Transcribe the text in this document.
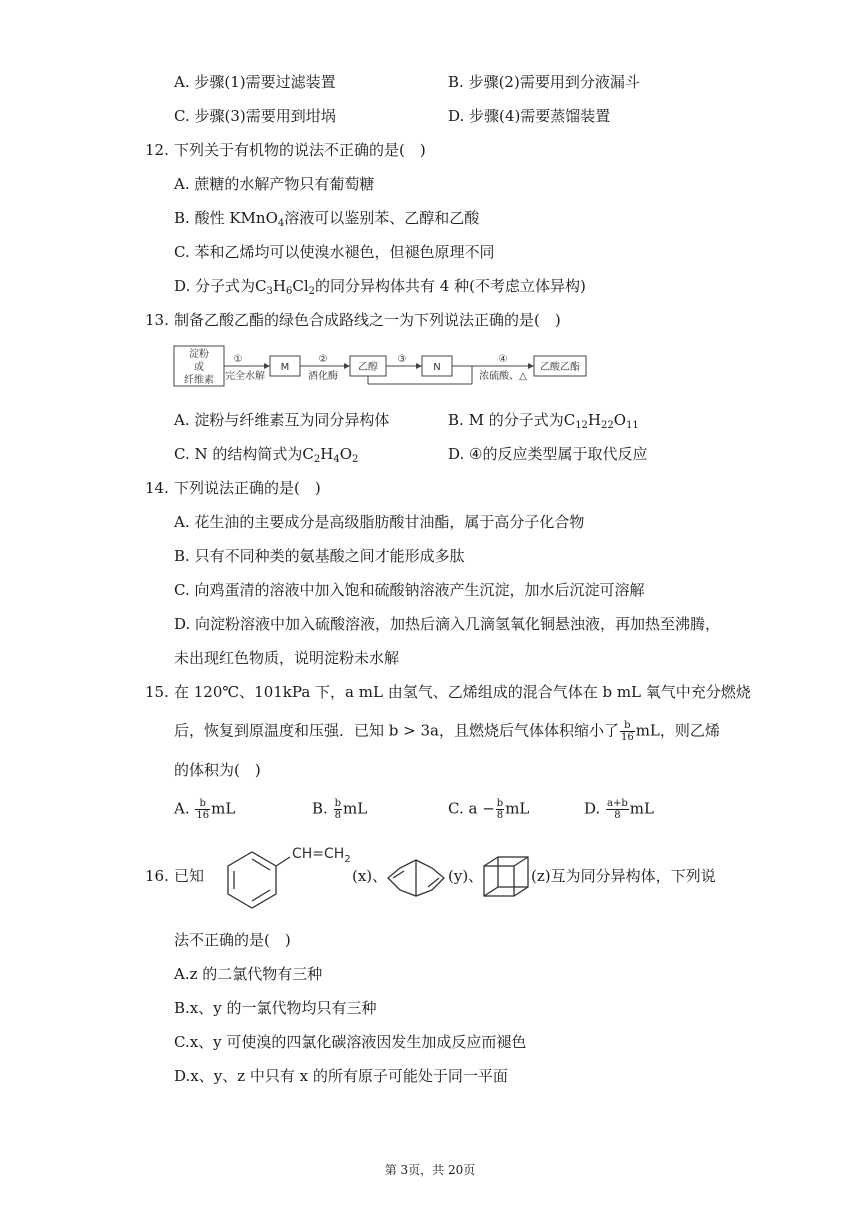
A. 步骤(1)需要过滤装置	B. 步骤(2)需要用到分液漏斗
C. 步骤(3)需要用到坩埚	D. 步骤(4)需要蒸馏装置
12. 下列关于有机物的说法不正确的是(　)
A. 蔗糖的水解产物只有葡萄糖
B. 酸性 KMnO$_4$溶液可以鉴别苯、乙醇和乙酸
C. 苯和乙烯均可以使溴水褪色，但褪色原理不同
D. 分子式为$C_3H_6Cl_2$的同分异构体共有 4 种(不考虑立体异构)
13. 制备乙酸乙酯的绿色合成路线之一为下列说法正确的是(　)
淀粉
或
纤维素
①
完全水解
M
②
酒化酶
乙醇
③
N
④
浓硫酸、△
乙酸乙酯
A. 淀粉与纤维素互为同分异构体	B. M 的分子式为$C_{12}H_{22}O_{11}$
C. N 的结构简式为$C_2H_4O_2$	D. ④的反应类型属于取代反应
14. 下列说法正确的是(　)
A. 花生油的主要成分是高级脂肪酸甘油酯，属于高分子化合物
B. 只有不同种类的氨基酸之间才能形成多肽
C. 向鸡蛋清的溶液中加入饱和硫酸钠溶液产生沉淀，加水后沉淀可溶解
D. 向淀粉溶液中加入硫酸溶液，加热后滴入几滴氢氧化铜悬浊液，再加热至沸腾，
未出现红色物质，说明淀粉未水解
15. 在 120℃、101kPa 下，a mL 由氢气、乙烯组成的混合气体在 b mL 氧气中充分燃烧
后，恢复到原温度和压强．已知 b > 3a，且燃烧后气体体积缩小了 $\frac{b}{16}$ mL，则乙烯
的体积为(　)
A. $\frac{b}{16}$ mL	B. $\frac{b}{8}$ mL	C. $a - \frac{b}{8}$ mL	D. $\frac{a+b}{8}$ mL
16. 已知
$CH=CH_2$
(x)、	(y)、	(z)互为同分异构体，下列说
法不正确的是(　)
A.z 的二氯代物有三种
B.x、y 的一氯代物均只有三种
C.x、y 可使溴的四氯化碳溶液因发生加成反应而褪色
D.x、y、z 中只有 x 的所有原子可能处于同一平面
第 3页，共 20页
